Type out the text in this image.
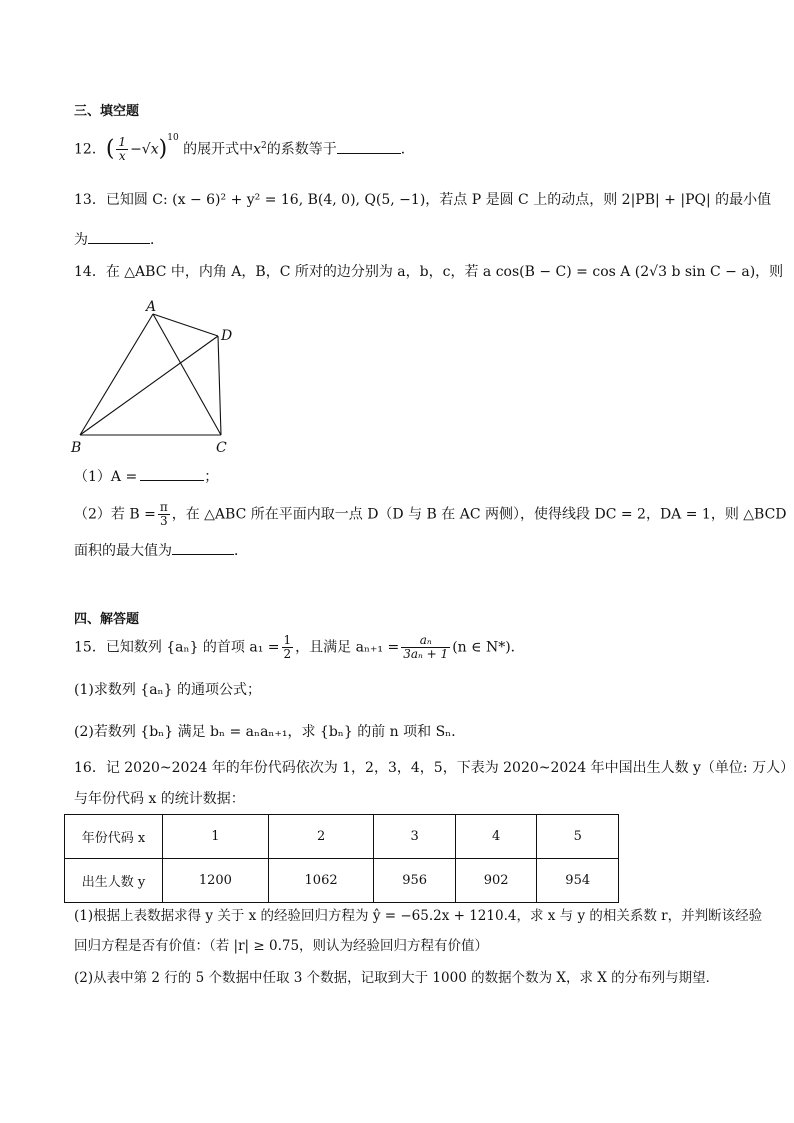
三、填空题
12．( $\frac{1}{x} -√x)^{10}$ 的展开式中$x^2$的系数等于	．
13．已知圆 C: (x − 6)² + y² = 16, B(4, 0), Q(5, −1)，若点 P 是圆 C 上的动点，则 2|PB| + |PQ| 的最小值
为	．
14．在 △ABC 中，内角 A，B，C 所对的边分别为 a，b，c，若 a cos(B − C) = cos A (2√3 b sin C − a)，则
A
D
B	C
（1）A =	；
（2）若 $B = \frac{\pi}{3}$ ，在 △ABC 所在平面内取一点 D（D 与 B 在 AC 两侧），使得线段 DC = 2，DA = 1，则 △BCD
面积的最大值为	．
四、解答题
15．已知数列 {aₙ} 的首项 $a_1 = \frac{1}{2}$ ，且满足 $a_{n+1} = \frac{\text{aₙ}}{\text{3aₙ + 1}} (n$ ∈ N*)．
(1)求数列 {aₙ} 的通项公式；
(2)若数列 {bₙ} 满足 bₙ = aₙaₙ₊₁，求 {bₙ} 的前 n 项和 Sₙ．
16．记 2020~2024 年的年份代码依次为 1，2，3，4，5，下表为 2020~2024 年中国出生人数 y（单位: 万人）
与年份代码 x 的统计数据：
年份代码 x	1	2	3	4	5
出生人数 y	1200	1062	956	902	954
(1)根据上表数据求得 y 关于 x 的经验回归方程为 ŷ = −65.2x + 1210.4，求 x 与 y 的相关系数 r，并判断该经验
回归方程是否有价值：（若 |r| ≥ 0.75，则认为经验回归方程有价值）
(2)从表中第 2 行的 5 个数据中任取 3 个数据，记取到大于 1000 的数据个数为 X，求 X 的分布列与期望．
